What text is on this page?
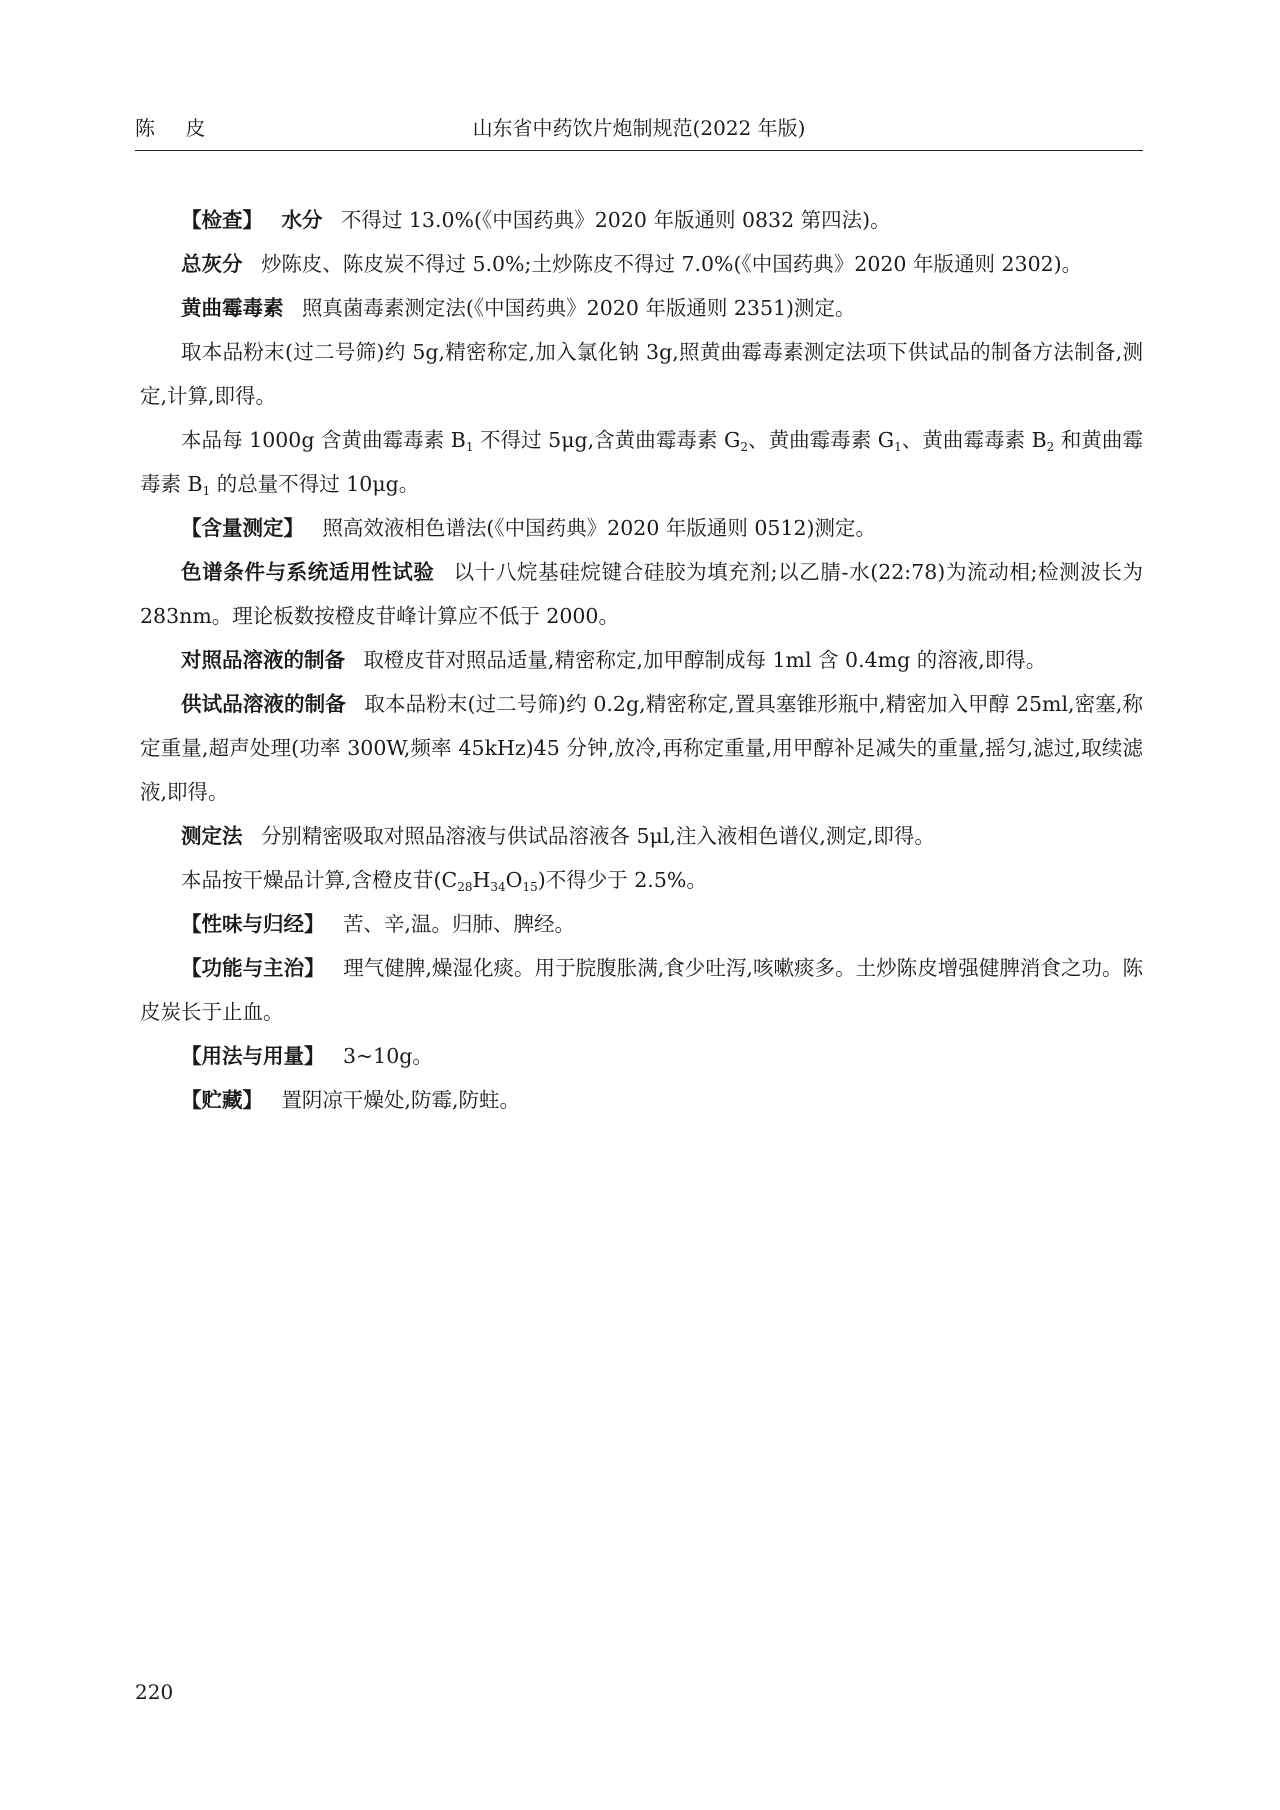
陈 皮	山东省中药饮片炮制规范(2022 年版)

【检查】 水分 不得过 13.0%(《中国药典》2020 年版通则 0832 第四法)。

总灰分 炒陈皮、陈皮炭不得过 5.0%;土炒陈皮不得过 7.0%(《中国药典》2020 年版通则 2302)。

黄曲霉毒素 照真菌毒素测定法(《中国药典》2020 年版通则 2351)测定。

取本品粉末(过二号筛)约 5g,精密称定,加入氯化钠 3g,照黄曲霉毒素测定法项下供试品的制备方法制备,测定,计算,即得。

本品每 1000g 含黄曲霉毒素 $B_1$ 不得过 5μg,含黄曲霉毒素 $G_2$、黄曲霉毒素 $G_1$、黄曲霉毒素 $B_2$ 和黄曲霉毒素 $B_1$ 的总量不得过 10μg。

【含量测定】 照高效液相色谱法(《中国药典》2020 年版通则 0512)测定。

色谱条件与系统适用性试验 以十八烷基硅烷键合硅胶为填充剂;以乙腈-水(22:78)为流动相;检测波长为 283nm。理论板数按橙皮苷峰计算应不低于 2000。

对照品溶液的制备 取橙皮苷对照品适量,精密称定,加甲醇制成每 1ml 含 0.4mg 的溶液,即得。

供试品溶液的制备 取本品粉末(过二号筛)约 0.2g,精密称定,置具塞锥形瓶中,精密加入甲醇 25ml,密塞,称定重量,超声处理(功率 300W,频率 45kHz)45 分钟,放冷,再称定重量,用甲醇补足减失的重量,摇匀,滤过,取续滤液,即得。

测定法 分别精密吸取对照品溶液与供试品溶液各 5μl,注入液相色谱仪,测定,即得。

本品按干燥品计算,含橙皮苷$(C_{28}H_{34}O_{15})$不得少于 2.5%。

【性味与归经】 苦、辛,温。归肺、脾经。

【功能与主治】 理气健脾,燥湿化痰。用于脘腹胀满,食少吐泻,咳嗽痰多。土炒陈皮增强健脾消食之功。陈皮炭长于止血。

【用法与用量】 3~10g。

【贮藏】 置阴凉干燥处,防霉,防蛀。

220
